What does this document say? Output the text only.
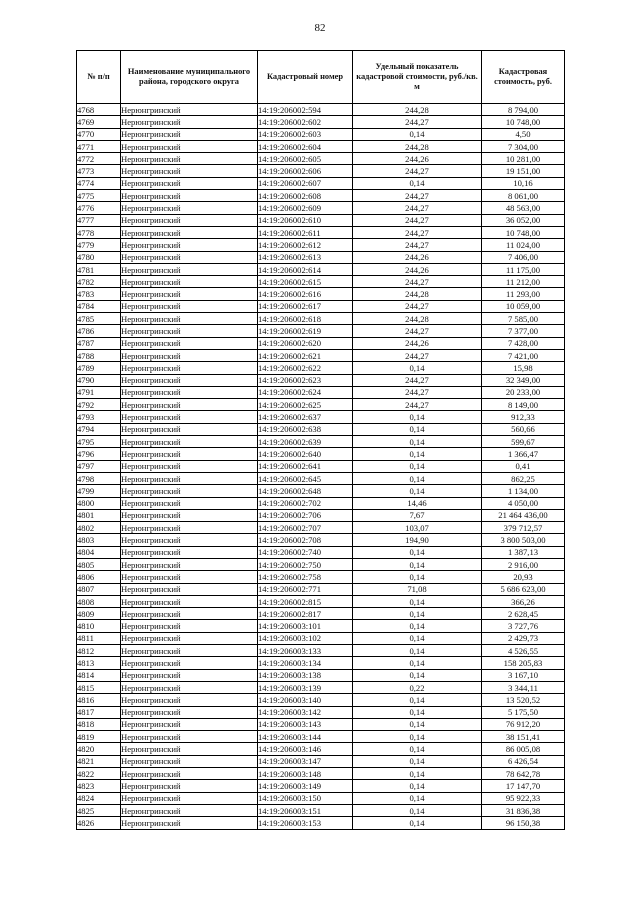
82
№ п/п	Наименование муниципального района, городского округа	Кадастровый номер	Удельный показатель кадастровой стоимости, руб./кв. м	Кадастровая стоимость, руб.
4768	Нерюнгринский	14:19:206002:594	244,28	8 794,00
4769	Нерюнгринский	14:19:206002:602	244,27	10 748,00
4770	Нерюнгринский	14:19:206002:603	0,14	4,50
4771	Нерюнгринский	14:19:206002:604	244,28	7 304,00
4772	Нерюнгринский	14:19:206002:605	244,26	10 281,00
4773	Нерюнгринский	14:19:206002:606	244,27	19 151,00
4774	Нерюнгринский	14:19:206002:607	0,14	10,16
4775	Нерюнгринский	14:19:206002:608	244,27	8 061,00
4776	Нерюнгринский	14:19:206002:609	244,27	48 563,00
4777	Нерюнгринский	14:19:206002:610	244,27	36 052,00
4778	Нерюнгринский	14:19:206002:611	244,27	10 748,00
4779	Нерюнгринский	14:19:206002:612	244,27	11 024,00
4780	Нерюнгринский	14:19:206002:613	244,26	7 406,00
4781	Нерюнгринский	14:19:206002:614	244,26	11 175,00
4782	Нерюнгринский	14:19:206002:615	244,27	11 212,00
4783	Нерюнгринский	14:19:206002:616	244,28	11 293,00
4784	Нерюнгринский	14:19:206002:617	244,27	10 059,00
4785	Нерюнгринский	14:19:206002:618	244,28	7 585,00
4786	Нерюнгринский	14:19:206002:619	244,27	7 377,00
4787	Нерюнгринский	14:19:206002:620	244,26	7 428,00
4788	Нерюнгринский	14:19:206002:621	244,27	7 421,00
4789	Нерюнгринский	14:19:206002:622	0,14	15,98
4790	Нерюнгринский	14:19:206002:623	244,27	32 349,00
4791	Нерюнгринский	14:19:206002:624	244,27	20 233,00
4792	Нерюнгринский	14:19:206002:625	244,27	8 149,00
4793	Нерюнгринский	14:19:206002:637	0,14	912,33
4794	Нерюнгринский	14:19:206002:638	0,14	560,66
4795	Нерюнгринский	14:19:206002:639	0,14	599,67
4796	Нерюнгринский	14:19:206002:640	0,14	1 366,47
4797	Нерюнгринский	14:19:206002:641	0,14	0,41
4798	Нерюнгринский	14:19:206002:645	0,14	862,25
4799	Нерюнгринский	14:19:206002:648	0,14	1 134,00
4800	Нерюнгринский	14:19:206002:702	14,46	4 050,00
4801	Нерюнгринский	14:19:206002:706	7,67	21 464 436,00
4802	Нерюнгринский	14:19:206002:707	103,07	379 712,57
4803	Нерюнгринский	14:19:206002:708	194,90	3 800 503,00
4804	Нерюнгринский	14:19:206002:740	0,14	1 387,13
4805	Нерюнгринский	14:19:206002:750	0,14	2 916,00
4806	Нерюнгринский	14:19:206002:758	0,14	20,93
4807	Нерюнгринский	14:19:206002:771	71,08	5 686 623,00
4808	Нерюнгринский	14:19:206002:815	0,14	366,26
4809	Нерюнгринский	14:19:206002:817	0,14	2 628,45
4810	Нерюнгринский	14:19:206003:101	0,14	3 727,76
4811	Нерюнгринский	14:19:206003:102	0,14	2 429,73
4812	Нерюнгринский	14:19:206003:133	0,14	4 526,55
4813	Нерюнгринский	14:19:206003:134	0,14	158 205,83
4814	Нерюнгринский	14:19:206003:138	0,14	3 167,10
4815	Нерюнгринский	14:19:206003:139	0,22	3 344,11
4816	Нерюнгринский	14:19:206003:140	0,14	13 520,52
4817	Нерюнгринский	14:19:206003:142	0,14	5 175,50
4818	Нерюнгринский	14:19:206003:143	0,14	76 912,20
4819	Нерюнгринский	14:19:206003:144	0,14	38 151,41
4820	Нерюнгринский	14:19:206003:146	0,14	86 005,08
4821	Нерюнгринский	14:19:206003:147	0,14	6 426,54
4822	Нерюнгринский	14:19:206003:148	0,14	78 642,78
4823	Нерюнгринский	14:19:206003:149	0,14	17 147,70
4824	Нерюнгринский	14:19:206003:150	0,14	95 922,33
4825	Нерюнгринский	14:19:206003:151	0,14	31 836,38
4826	Нерюнгринский	14:19:206003:153	0,14	96 150,38
